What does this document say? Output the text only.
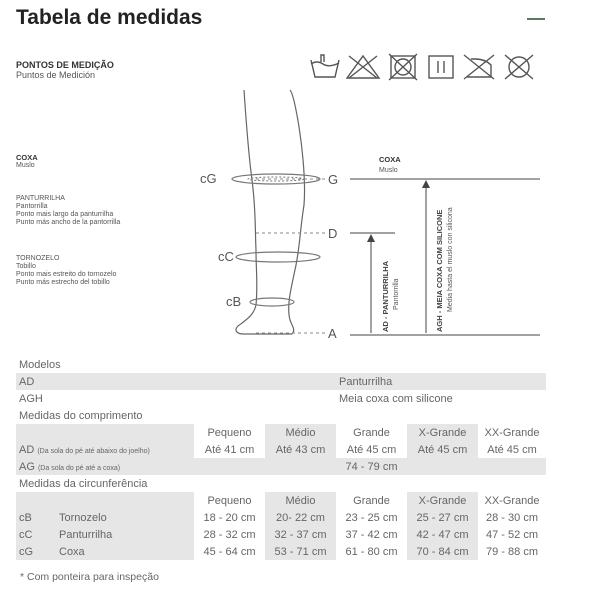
Tabela de medidas
PONTOS DE MEDIÇÃO
Puntos de Medición
COXA
Muslo
PANTURRILHA
Pantorrilla
Ponto mais largo da panturrilha
Punto más ancho de la pantorrilla
TORNOZELO
Tobillo
Ponto mais estreito do tornozelo
Punto más estrecho del tobillo
cG
cC
cB
G
D
A
COXA
Muslo
AD - PANTURRILHA Pantorrilla	AGH - MEIA COXA COM SILICONE Media hasta el muslo con silicona
Modelos					
AD			Panturrilha		
AGH			Meia coxa com silicone		
Medidas do comprimento					
	Pequeno	Médio	Grande	X-Grande	XX-Grande
AD (Da sola do pé até abaixo do joelho)	Até 41 cm	Até 43 cm	Até 45 cm	Até 45 cm	Até 45 cm
AG (Da sola do pé até a coxa)			74 - 79 cm		
Medidas da circunferência					
	Pequeno	Médio	Grande	X-Grande	XX-Grande
cB Tornozelo	18 - 20 cm	20- 22 cm	23 - 25 cm	25 - 27 cm	28 - 30 cm
cC Panturrilha	28 - 32 cm	32 - 37 cm	37 - 42 cm	42 - 47 cm	47 - 52 cm
cG Coxa	45 - 64 cm	53 - 71 cm	61 - 80 cm	70 - 84 cm	79 - 88 cm
* Com ponteira para inspeção
